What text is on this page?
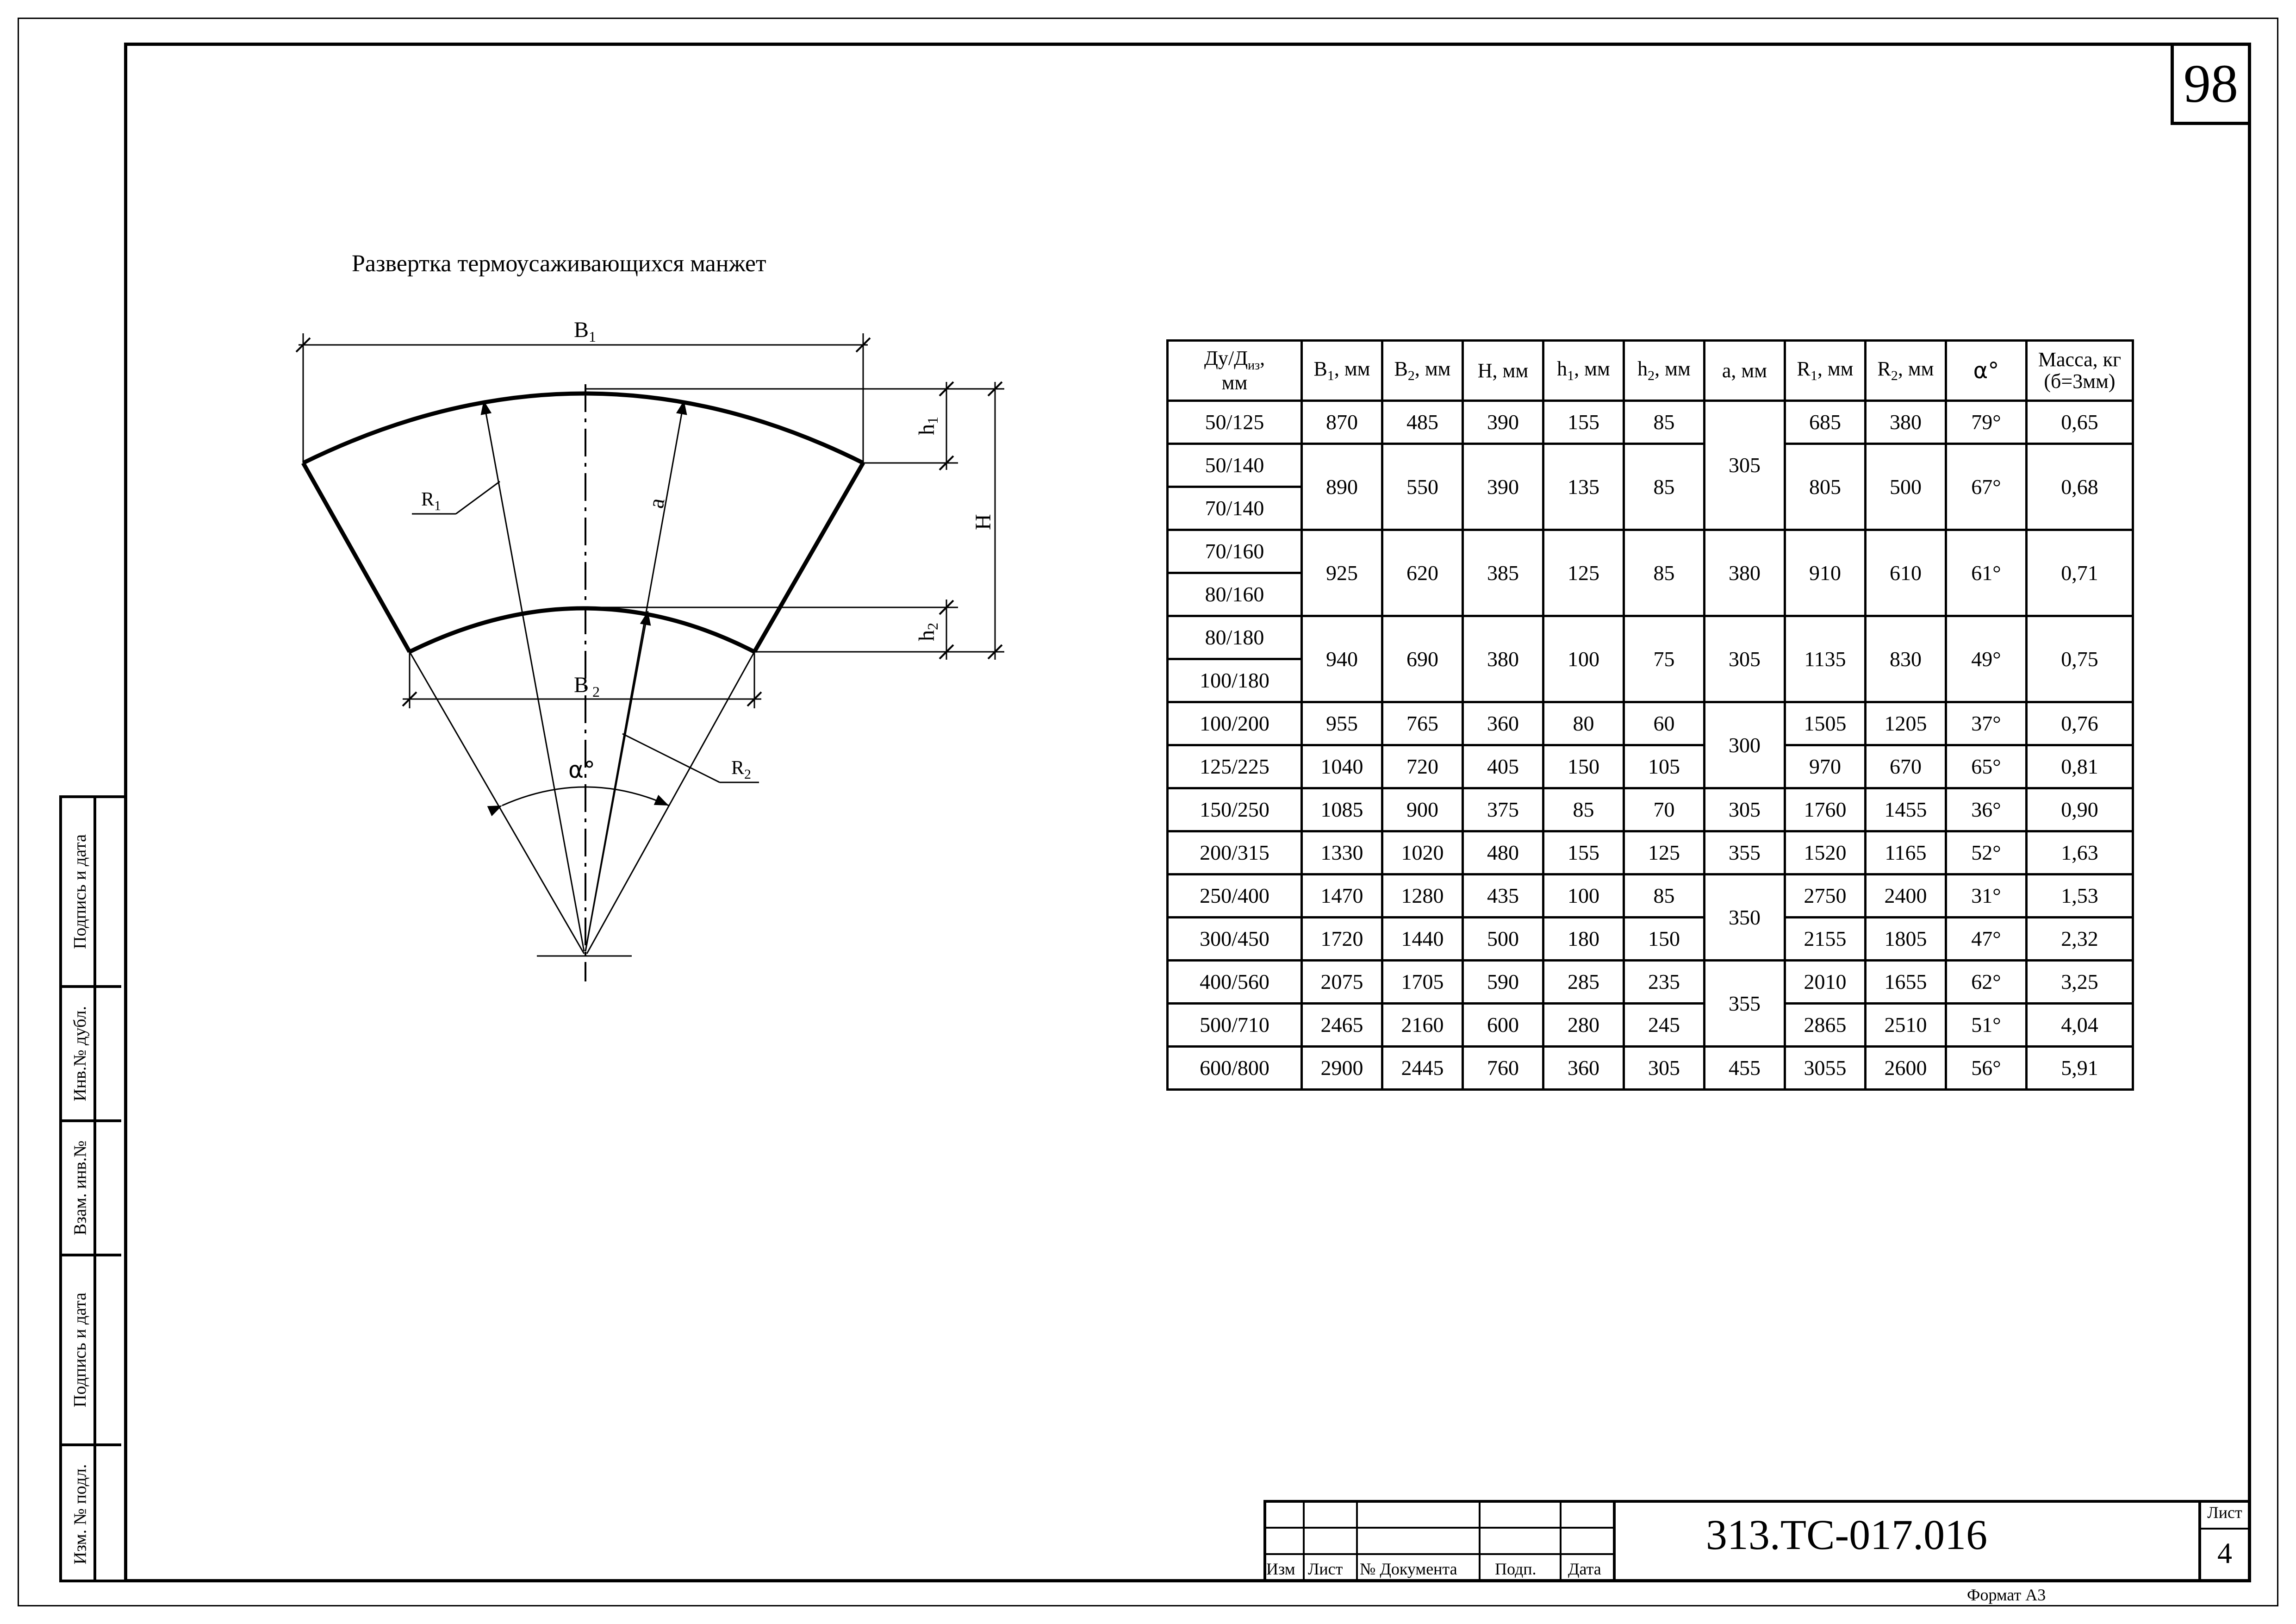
98
Подпись и дата
Инв.№ дубл.
Взам. инв.№
Подпись и дата
Изм. № подл.
Развертка термоусаживающихся манжет
$B_1$
B $_2$
$R_1$
$R_2$
α°
a
h1
h2
H
$Ду/Д_{из}$,
мм	$B_1$, мм	$B_2$, мм	H, мм	$h_1$, мм	$h_2$, мм	a, мм	$R_1$, мм	$R_2$, мм	α°	Масса, кг
(б=3мм)
50/125	870	485	390	155	85	305	685	380	79°	0,65
50/140	890	550	390	135	85		805	500	67°	0,68
70/140										
70/160	925	620	385	125	85	380	910	610	61°	0,71
80/160										
80/180	940	690	380	100	75	305	1135	830	49°	0,75
100/180										
100/200	955	765	360	80	60	300	1505	1205	37°	0,76
125/225	1040	720	405	150	105		970	670	65°	0,81
150/250	1085	900	375	85	70	305	1760	1455	36°	0,90
200/315	1330	1020	480	155	125	355	1520	1165	52°	1,63
250/400	1470	1280	435	100	85	350	2750	2400	31°	1,53
300/450	1720	1440	500	180	150		2155	1805	47°	2,32
400/560	2075	1705	590	285	235	355	2010	1655	62°	3,25
500/710	2465	2160	600	280	245		2865	2510	51°	4,04
600/800	2900	2445	760	360	305	455	3055	2600	56°	5,91
Изм Лист № Документа Подп. Дата
313.ТС-017.016	Лист
4
Формат А3
